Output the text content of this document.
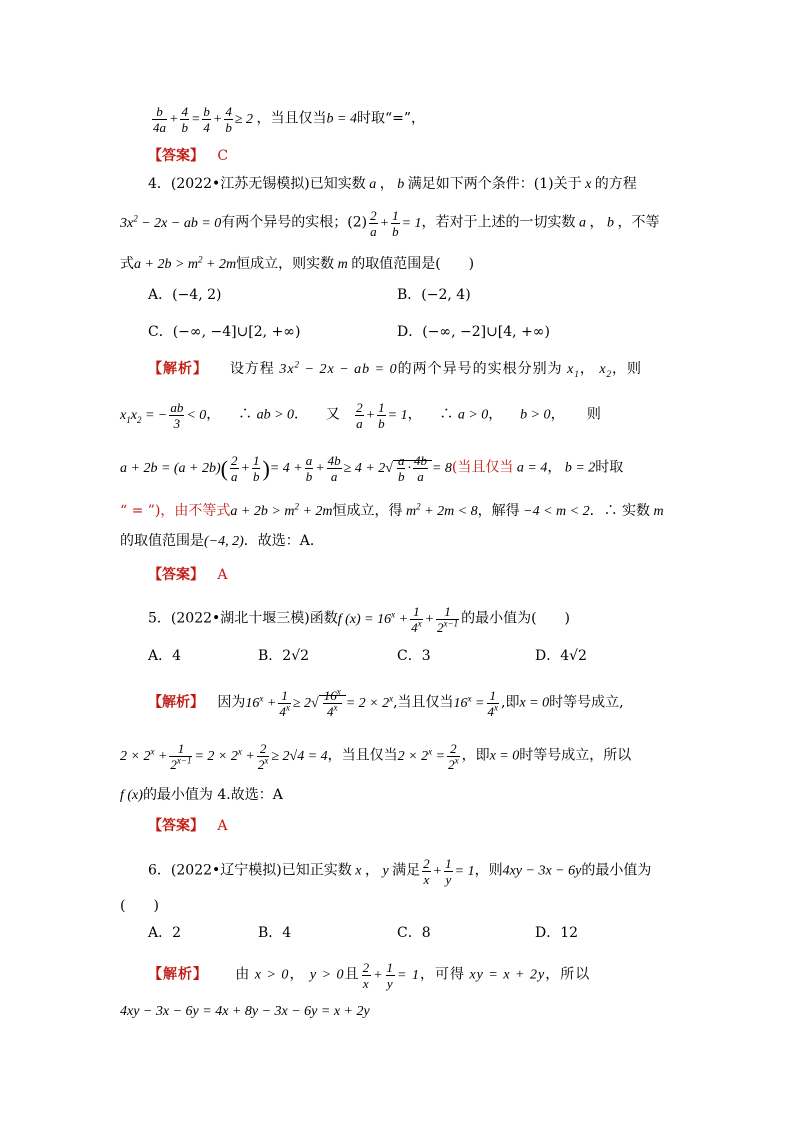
$\frac{b}{4a} + \frac{4}{b} = \frac{b}{4} + \frac{4}{b} \ge 2$ ，当且仅当b = 4时取“=”，
【答案】 C
4．(2022•江苏无锡模拟)已知实数 a ， b 满足如下两个条件：(1)关于 x 的方程
$3x^2 - 2x$ − ab = 0有两个异号的实根；$(2) \frac{2}{a} + \frac{1}{b} = 1$，若对于上述的一切实数 a ， b ，不等
式$a + 2b > m^2 + 2m$恒成立，则实数 m 的取值范围是(　　)
A．(−4, 2)	B．(−2, 4)
C．(−∞, −4]∪[2, +∞)	D．(−∞, −2]∪[4, +∞)
【解析】 设方程 $3x^2 - 2x$ − ab = 0的两个异号的实根分别为 $x_1$， $x_2$，则
$x_1x_2$ = − $\frac{ab}{3} < 0$，    ∴ ab > 0．    又 $\frac{2}{a} + \frac{1}{b} = 1$，    ∴ a > 0，    b > 0，     则
$a + 2b = (a + 2b)( \frac{2}{a} + \frac{1}{b}$ )= $4 + \frac{a}{b} + \frac{4b}{a} \ge 4 + 2√ \frac{a}{b} \cdot \frac{4b}{a} = 8$(当且仅当 a = 4， b = 2时取
“ = ”)，由不等式$a + 2b > m^2 + 2m$恒成立，得 $m^2 + 2m < 8$，解得 −4 < m < 2．∴ 实数 m
的取值范围是(−4, 2)．故选：A．
【答案】 A
5．(2022•湖北十堰三模)函数f $(x) = 16^x + \frac{1}{4^x} + \frac{1}{2^{x-1}}$ 的最小值为(　　)
A．4	B．2√2	C．3	D．4√2
【解析】 因为$16^x + \frac{1}{4^x} \ge 2√ \frac{16^x}{4^x} = 2 \times 2^x$,当且仅当$16^x = \frac{1}{4^x}$ ,即x = 0时等号成立,
$2 \times 2^x + \frac{1}{2^{x-1}} = 2 \times 2^x + \frac{2}{2^x} \ge 2√4 = 4$，当且仅当$2 \times 2^x = \frac{2}{2^x}$ ，即x = 0时等号成立，所以
f (x)的最小值为 4.故选：A
【答案】 A
6．(2022•辽宁模拟)已知正实数 x ， y 满足 $\frac{2}{x} + \frac{1}{y} = 1$，则4xy − 3x − 6y的最小值为
(　　)
A．2	B．4	C．8	D．12
【解析】 由 x > 0， y > 0且 $\frac{2}{x} + \frac{1}{y} = 1$，可得 xy = x + 2y，所以
4xy − 3x − 6y = 4x + 8y − 3x − 6y = x + 2y
